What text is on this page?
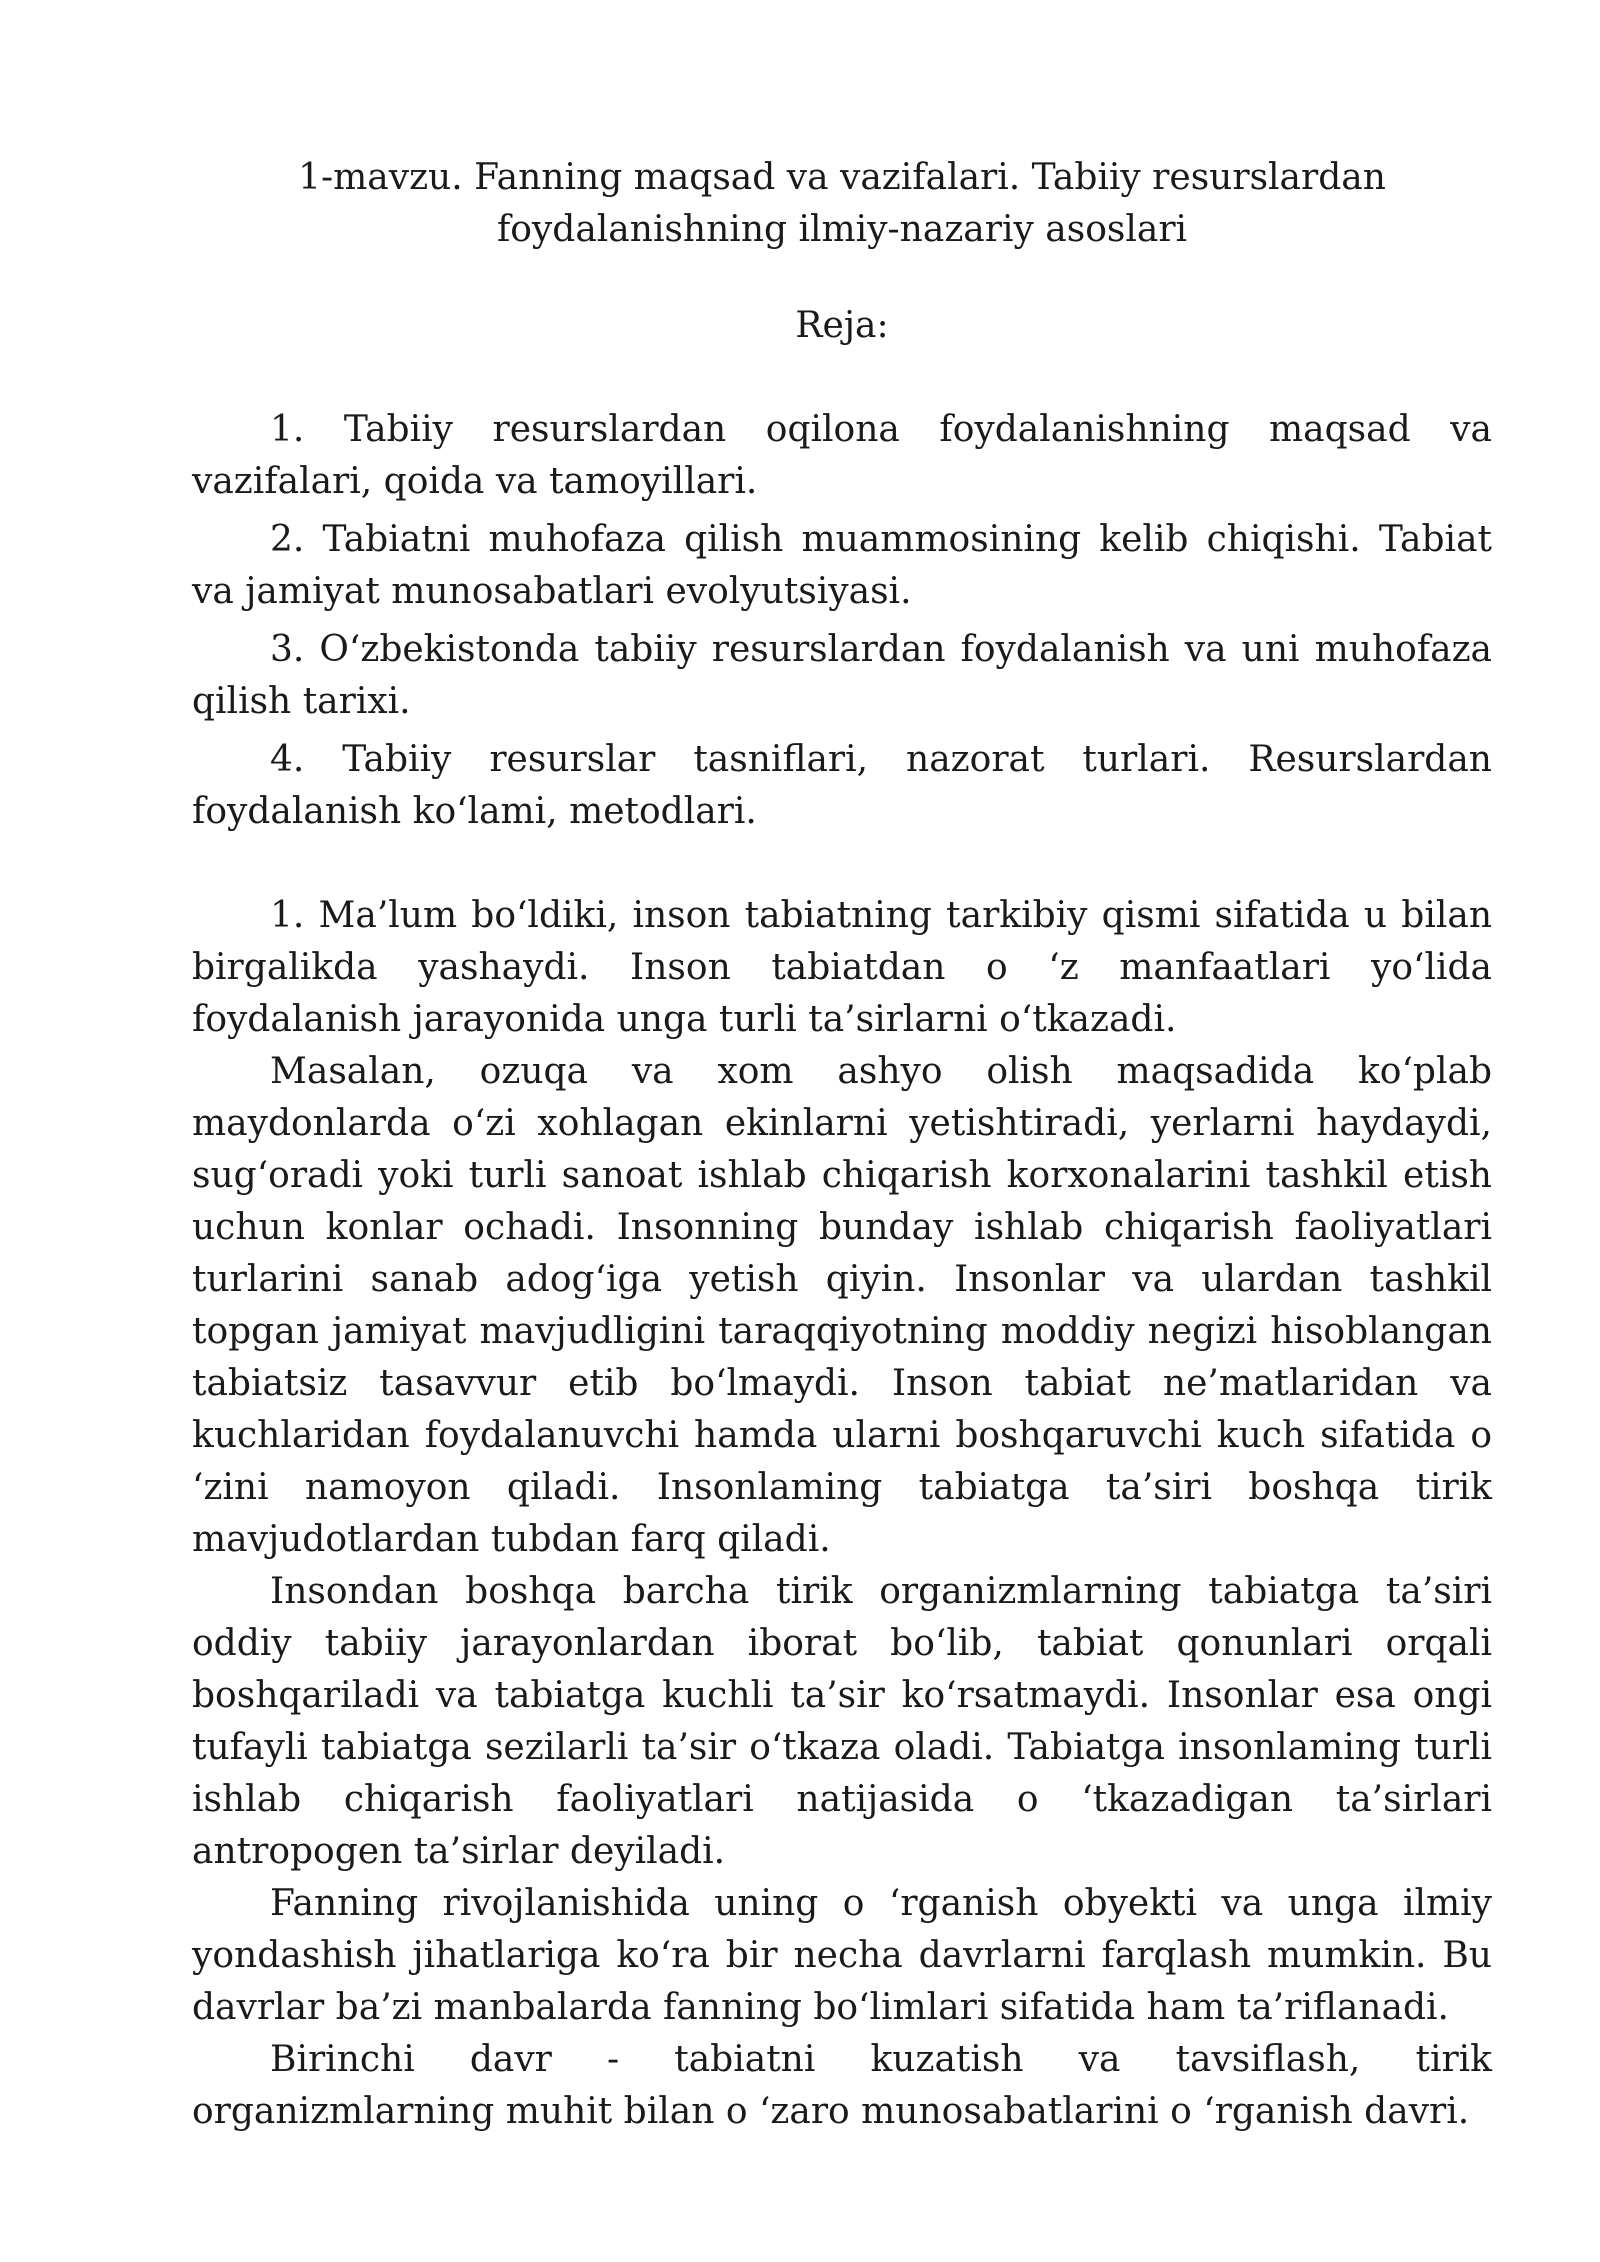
1-mavzu. Fanning maqsad va vazifalari. Tabiiy resurslardan
foydalanishning ilmiy-nazariy asoslari

Reja:

1. Tabiiy resurslardan oqilona foydalanishning maqsad va vazifalari, qoida va tamoyillari.
2. Tabiatni muhofaza qilish muammosining kelib chiqishi. Tabiat va jamiyat munosabatlari evolyutsiyasi.
3. O‘zbekistonda tabiiy resurslardan foydalanish va uni muhofaza qilish tarixi.
4. Tabiiy resurslar tasniflari, nazorat turlari. Resurslardan foydalanish ko‘lami, metodlari.

1. Ma’lum bo‘ldiki, inson tabiatning tarkibiy qismi sifatida u bilan birgalikda yashaydi. Inson tabiatdan o ‘z manfaatlari yo‘lida foydalanish jarayonida unga turli ta’sirlarni o‘tkazadi.

Masalan, ozuqa va xom ashyo olish maqsadida ko‘plab maydonlarda o‘zi xohlagan ekinlarni yetishtiradi, yerlarni haydaydi, sug‘oradi yoki turli sanoat ishlab chiqarish korxonalarini tashkil etish uchun konlar ochadi. Insonning bunday ishlab chiqarish faoliyatlari turlarini sanab adog‘iga yetish qiyin. Insonlar va ulardan tashkil topgan jamiyat mavjudligini taraqqiyotning moddiy negizi hisoblangan tabiatsiz tasavvur etib bo‘lmaydi. Inson tabiat ne’matlaridan va kuchlaridan foydalanuvchi hamda ularni boshqaruvchi kuch sifatida o ‘zini namoyon qiladi. Insonlaming tabiatga ta’siri boshqa tirik mavjudotlardan tubdan farq qiladi.

Insondan boshqa barcha tirik organizmlarning tabiatga ta’siri oddiy tabiiy jarayonlardan iborat bo‘lib, tabiat qonunlari orqali boshqariladi va tabiatga kuchli ta’sir ko‘rsatmaydi. Insonlar esa ongi tufayli tabiatga sezilarli ta’sir o‘tkaza oladi. Tabiatga insonlaming turli ishlab chiqarish faoliyatlari natijasida o ‘tkazadigan ta’sirlari antropogen ta’sirlar deyiladi.

Fanning rivojlanishida uning o ‘rganish obyekti va unga ilmiy yondashish jihatlariga ko‘ra bir necha davrlarni farqlash mumkin. Bu davrlar ba’zi manbalarda fanning bo‘limlari sifatida ham ta’riflanadi.

Birinchi davr - tabiatni kuzatish va tavsiflash, tirik organizmlarning muhit bilan o ‘zaro munosabatlarini o ‘rganish davri.
